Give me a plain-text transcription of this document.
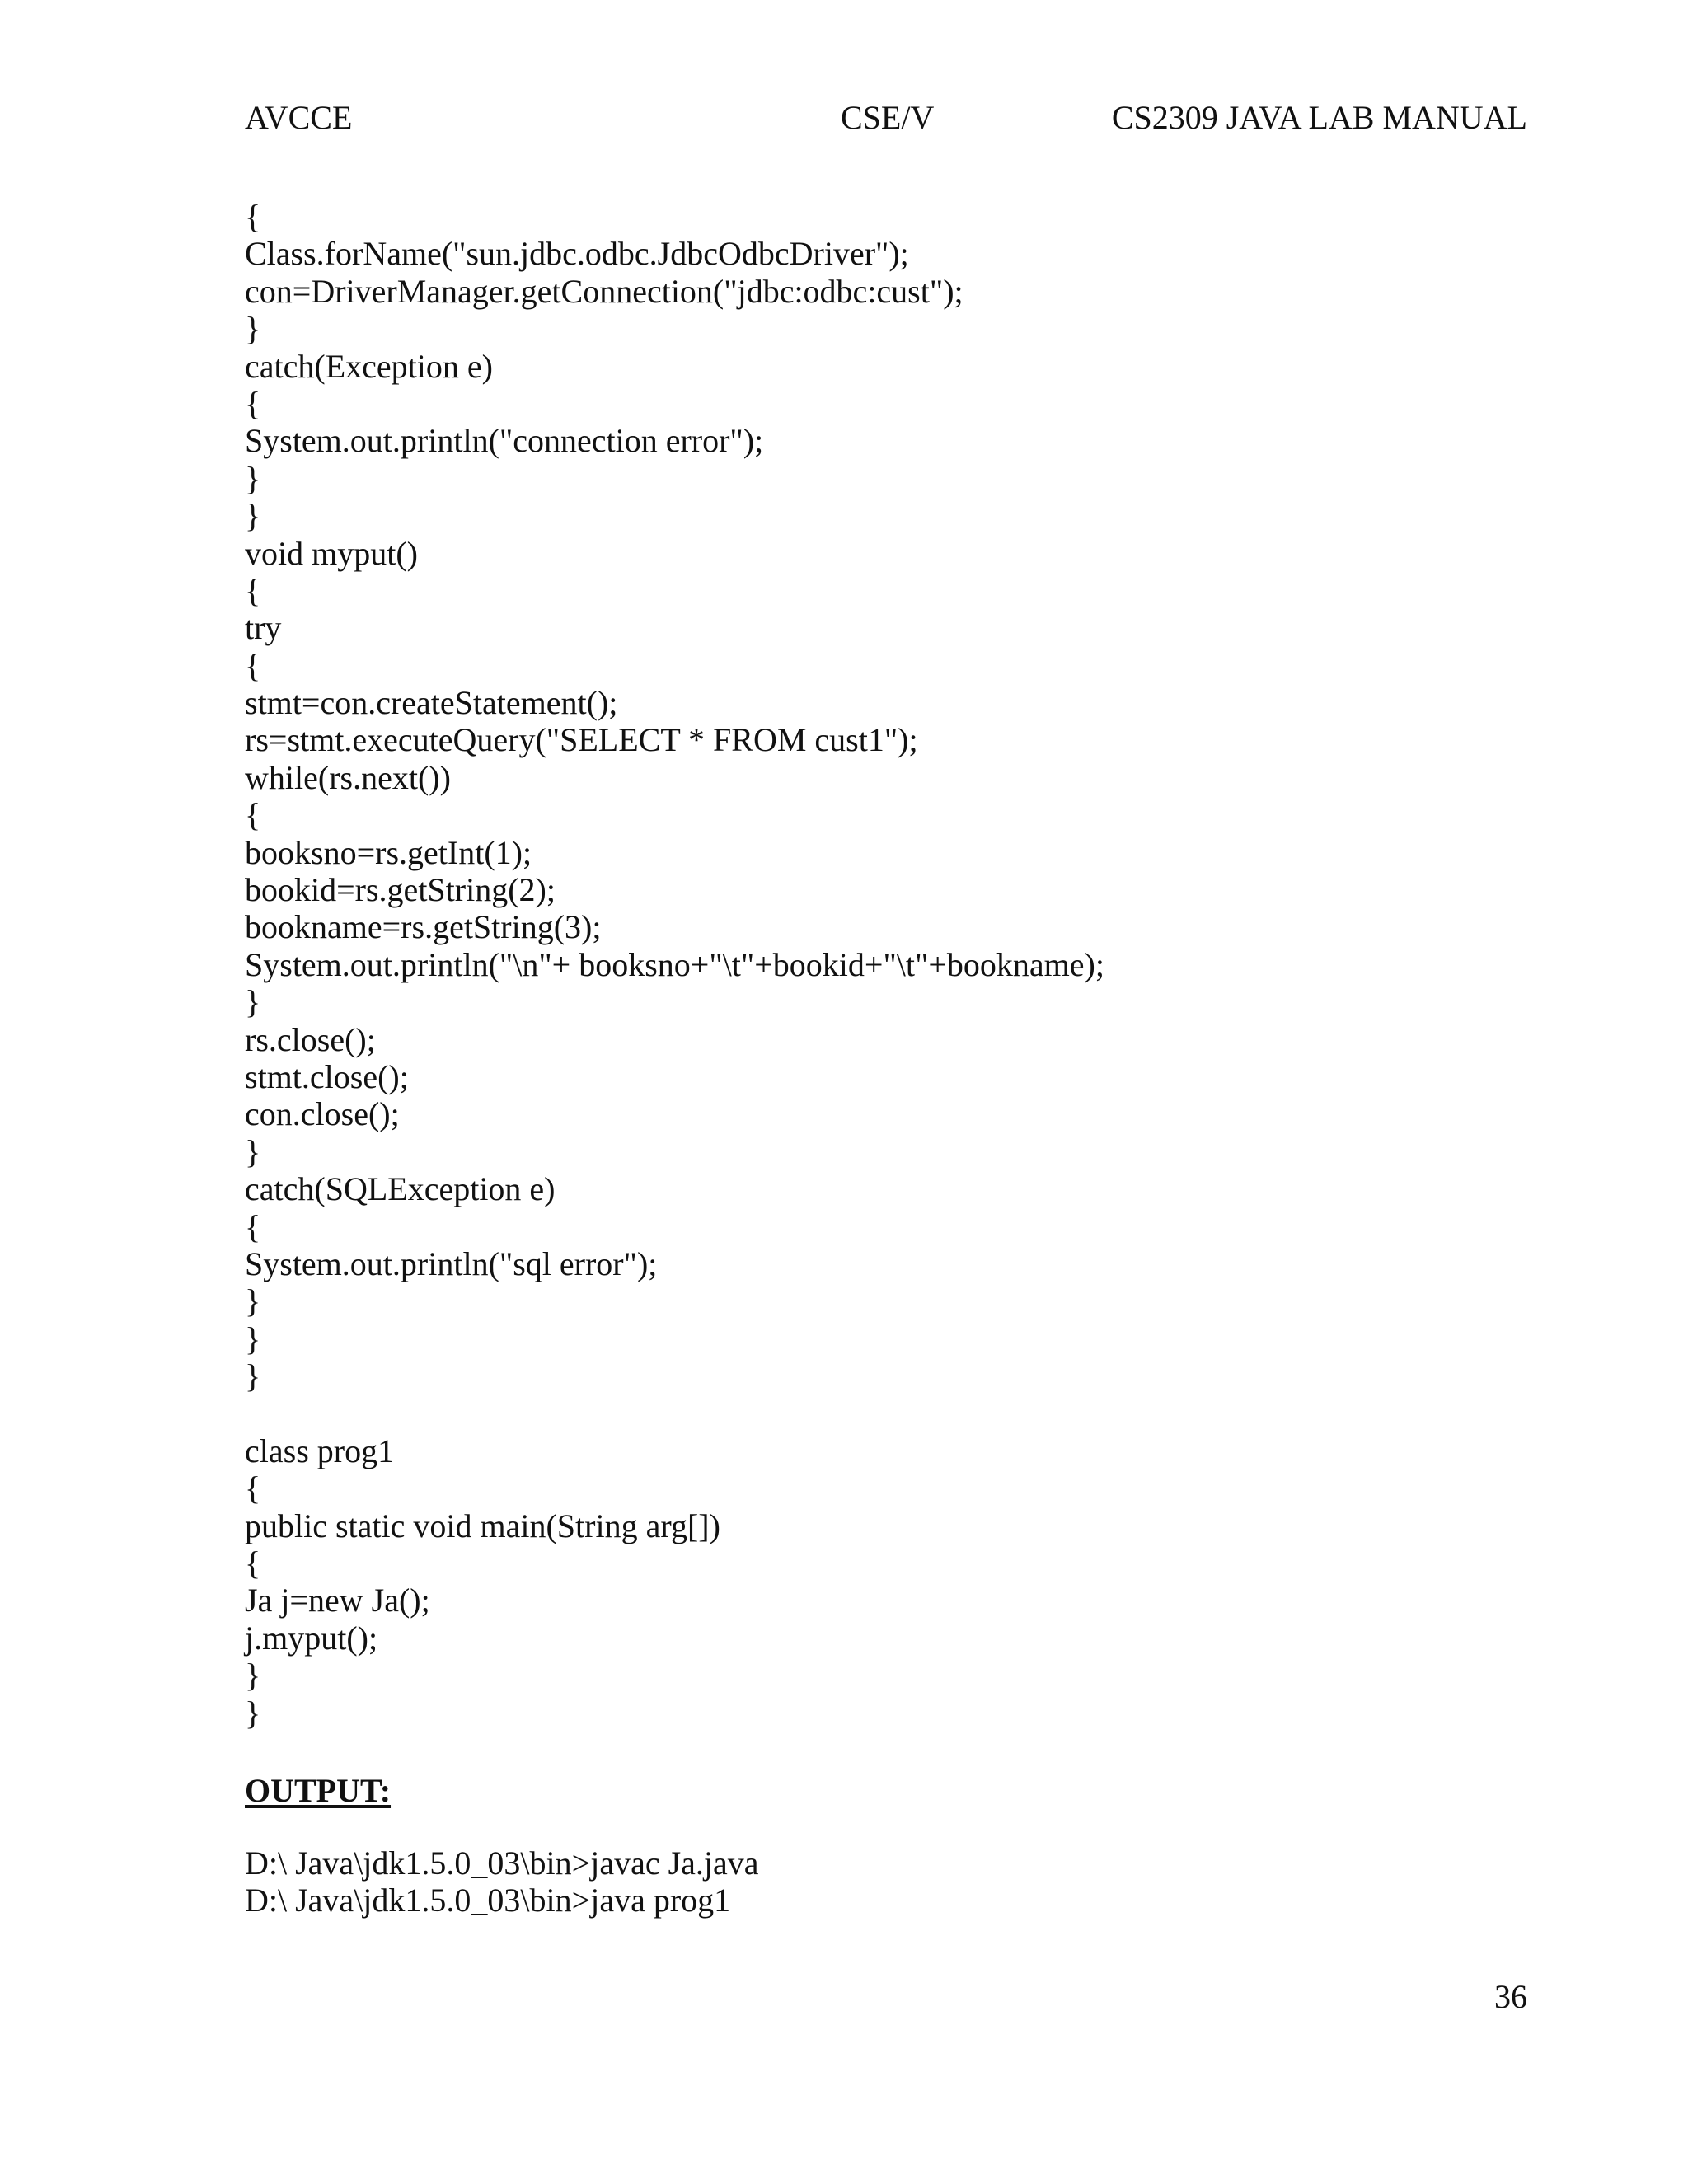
AVCCE	CSE/V	CS2309 JAVA LAB MANUAL
{
Class.forName("sun.jdbc.odbc.JdbcOdbcDriver");
con=DriverManager.getConnection("jdbc:odbc:cust");
}
catch(Exception e)
{
System.out.println("connection error");
}
}
void myput()
{
try
{
stmt=con.createStatement();
rs=stmt.executeQuery("SELECT * FROM cust1");
while(rs.next())
{
booksno=rs.getInt(1);
bookid=rs.getString(2);
bookname=rs.getString(3);
System.out.println("\n"+ booksno+"\t"+bookid+"\t"+bookname);
}
rs.close();
stmt.close();
con.close();
}
catch(SQLException e)
{
System.out.println("sql error");
}
}
}
class prog1
{
public static void main(String arg[])
{
Ja j=new Ja();
j.myput();
}
}
OUTPUT:
D:\ Java\jdk1.5.0_03\bin>javac Ja.java
D:\ Java\jdk1.5.0_03\bin>java prog1
36
